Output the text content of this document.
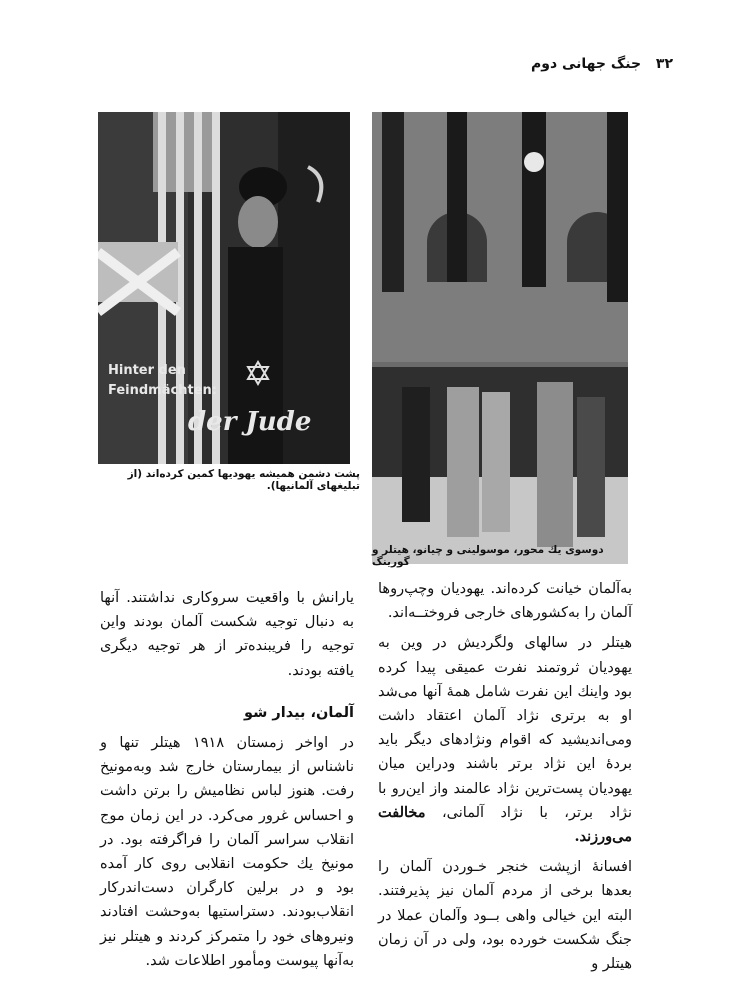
۳۲ جنگ جهانی دوم
Hinter den
Feindmächten:
der Jude
پشت دشمن همیشه یهودیها کمین کرده‌اند (از تبلیغهای آلمانیها).
دوسوی یك محور، موسولینی و چیانو، هیتلر و گورینگ

به‌آلمان خیانت کرده‌اند. یهودیان وچپ‌روها آلمان را به‌کشورهای خارجی فروختــه‌اند.

هیتلر در سالهای ولگردیش در وین به یهودیان ثروتمند نفرت عمیقی پیدا کرده بود واینك این نفرت شامل همهٔ آنها می‌شد او به برتری نژاد آلمان اعتقاد داشت ومی‌اندیشید که اقوام ونژادهای دیگر باید بردهٔ این نژاد برتر باشند ودراین میان یهودیان پست‌ترین نژاد عالمند واز این‌رو با نژاد برتر، با نژاد آلمانی، مخالفت می‌ورزند.

افسانهٔ ازپشت خنجر خـوردن آلمان را بعدها برخی از مردم آلمان نیز پذیرفتند. البته این خیالی واهی بــود وآلمان عملا در جنگ شکست خورده بود، ولی در آن زمان هیتلر و

یارانش با واقعیت سروکاری نداشتند. آنها به دنبال توجیه شکست آلمان بودند واین توجیه را فریبنده‌تر از هر توجیه دیگری یافته بودند.

آلمان، بیدار شو

در اواخر زمستان ۱۹۱۸ هیتلر تنها و ناشناس از بیمارستان خارج شد وبه‌مونیخ رفت. هنوز لباس نظامیش را برتن داشت و احساس غرور می‌کرد. در این زمان موج انقلاب سراسر آلمان را فراگرفته بود. در مونیخ یك حکومت انقلابی روی کار آمده بود و در برلین کارگران دست‌اندرکار انقلاب‌بودند. دستراستیها به‌وحشت افتادند ونیروهای خود را متمرکز کردند و هیتلر نیز به‌آنها پیوست ومأمور اطلاعات شد.
